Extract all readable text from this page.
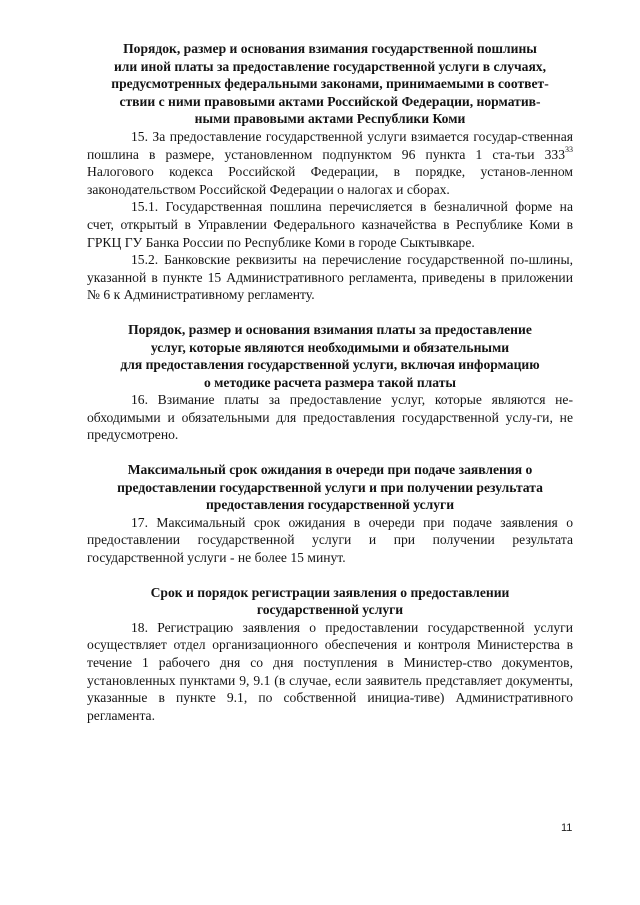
Порядок, размер и основания взимания государственной пошлины
или иной платы за предоставление государственной услуги в случаях,
предусмотренных федеральными законами, принимаемыми в соответ-
ствии с ними правовыми актами Российской Федерации, норматив-
ными правовыми актами Республики Коми

15. За предоставление государственной услуги взимается государ-ственная пошлина в размере, установленном подпунктом 96 пункта 1 ста-тьи $333^{33}$ Налогового кодекса Российской Федерации, в порядке, установ-ленном законодательством Российской Федерации о налогах и сборах.

15.1. Государственная пошлина перечисляется в безналичной форме на счет, открытый в Управлении Федерального казначейства в Республике Коми в ГРКЦ ГУ Банка России по Республике Коми в городе Сыктывкаре.

15.2. Банковские реквизиты на перечисление государственной по-шлины, указанной в пункте 15 Административного регламента, приведены в приложении № 6 к Административному регламенту.

Порядок, размер и основания взимания платы за предоставление
услуг, которые являются необходимыми и обязательными
для предоставления государственной услуги, включая информацию
о методике расчета размера такой платы

16. Взимание платы за предоставление услуг, которые являются не-обходимыми и обязательными для предоставления государственной услу-ги, не предусмотрено.

Максимальный срок ожидания в очереди при подаче заявления о
предоставлении государственной услуги и при получении результата
предоставления государственной услуги

17. Максимальный срок ожидания в очереди при подаче заявления о предоставлении государственной услуги и при получении результата государственной услуги - не более 15 минут.

Срок и порядок регистрации заявления о предоставлении
государственной услуги

18. Регистрацию заявления о предоставлении государственной услуги осуществляет отдел организационного обеспечения и контроля Министерства в течение 1 рабочего дня со дня поступления в Министер-ство документов, установленных пунктами 9, 9.1 (в случае, если заявитель представляет документы, указанные в пункте 9.1, по собственной инициа-тиве) Административного регламента.

11
